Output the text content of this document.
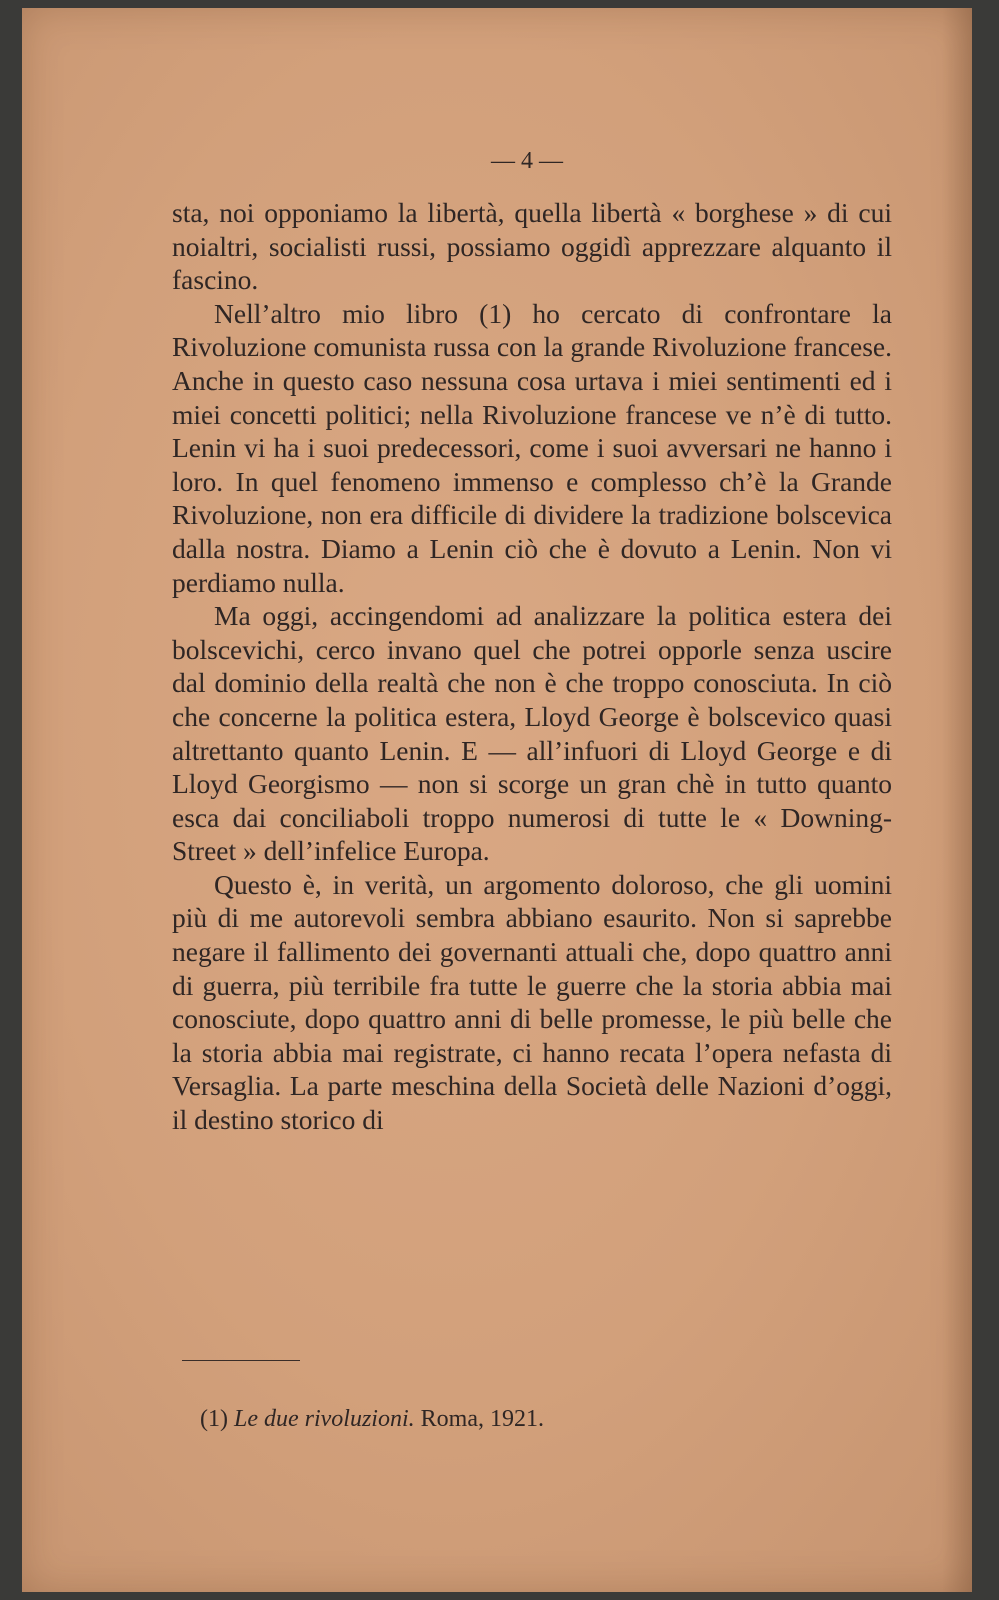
— 4 —

sta, noi opponiamo la libertà, quella libertà « borghese » di cui noialtri, socialisti russi, possiamo oggidì apprezzare alquanto il fascino.

Nell’altro mio libro (1) ho cercato di confrontare la Rivoluzione comunista russa con la grande Rivoluzione francese. Anche in questo caso nessuna cosa urtava i miei sentimenti ed i miei concetti politici; nella Rivoluzione francese ve n’è di tutto. Lenin vi ha i suoi predecessori, come i suoi avversari ne hanno i loro. In quel fenomeno immenso e complesso ch’è la Grande Rivoluzione, non era difficile di dividere la tradizione bolscevica dalla nostra. Diamo a Lenin ciò che è dovuto a Lenin. Non vi perdiamo nulla.

Ma oggi, accingendomi ad analizzare la politica estera dei bolscevichi, cerco invano quel che potrei opporle senza uscire dal dominio della realtà che non è che troppo conosciuta. In ciò che concerne la politica estera, Lloyd George è bolscevico quasi altrettanto quanto Lenin. E — all’infuori di Lloyd George e di Lloyd Georgismo — non si scorge un gran chè in tutto quanto esca dai conciliaboli troppo numerosi di tutte le « Downing-Street » dell’infelice Europa.

Questo è, in verità, un argomento doloroso, che gli uomini più di me autorevoli sembra abbiano esaurito. Non si saprebbe negare il fallimento dei governanti attuali che, dopo quattro anni di guerra, più terribile fra tutte le guerre che la storia abbia mai conosciute, dopo quattro anni di belle promesse, le più belle che la storia abbia mai registrate, ci hanno recata l’opera nefasta di Versaglia. La parte meschina della Società delle Nazioni d’oggi, il destino storico di

(1) Le due rivoluzioni. Roma, 1921.
